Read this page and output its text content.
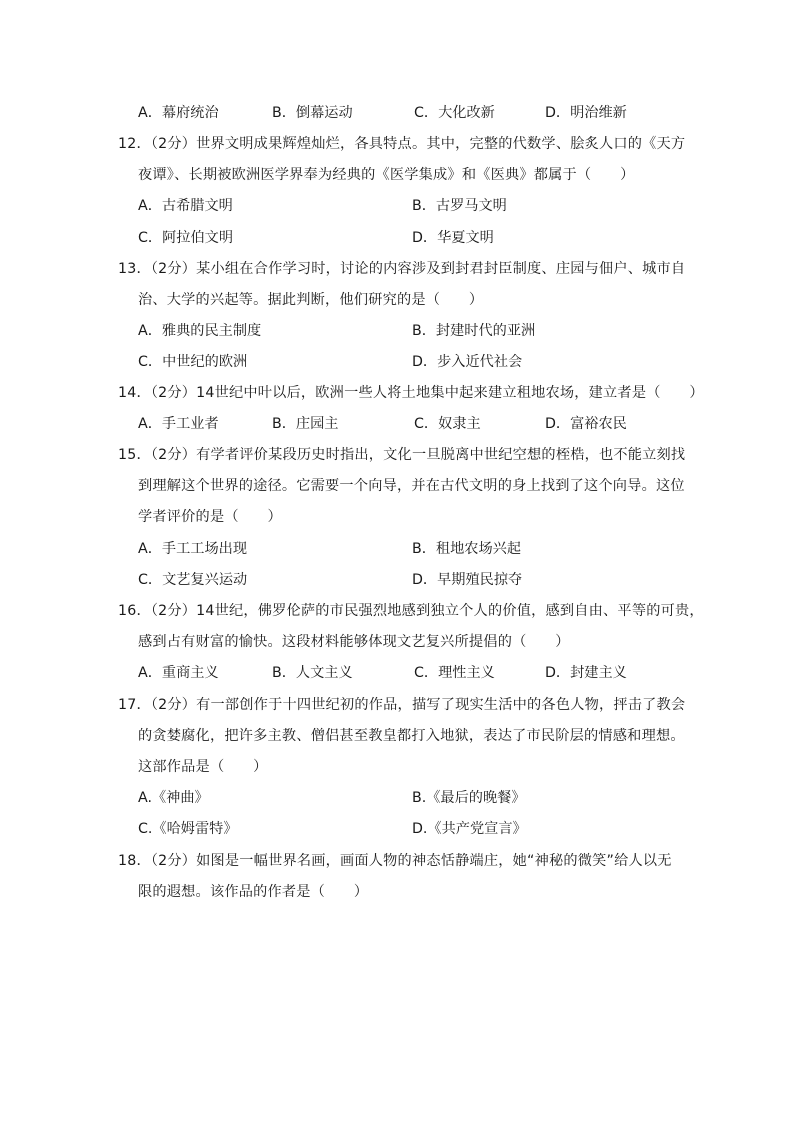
A．幕府统治	B．倒幕运动	C．大化改新	D．明治维新
12．（2分）世界文明成果辉煌灿烂，各具特点。其中，完整的代数学、脍炙人口的《天方
夜谭》、长期被欧洲医学界奉为经典的《医学集成》和《医典》都属于（　　）
A．古希腊文明	B．古罗马文明
C．阿拉伯文明	D．华夏文明
13．（2分）某小组在合作学习时，讨论的内容涉及到封君封臣制度、庄园与佃户、城市自
治、大学的兴起等。据此判断，他们研究的是（　　）
A．雅典的民主制度	B．封建时代的亚洲
C．中世纪的欧洲	D．步入近代社会
14．（2分）14世纪中叶以后，欧洲一些人将土地集中起来建立租地农场，建立者是（　　）
A．手工业者	B．庄园主	C．奴隶主	D．富裕农民
15．（2分）有学者评价某段历史时指出，文化一旦脱离中世纪空想的桎梏，也不能立刻找
到理解这个世界的途径。它需要一个向导，并在古代文明的身上找到了这个向导。这位
学者评价的是（　　）
A．手工工场出现	B．租地农场兴起
C．文艺复兴运动	D．早期殖民掠夺
16．（2分）14世纪，佛罗伦萨的市民强烈地感到独立个人的价值，感到自由、平等的可贵，
感到占有财富的愉快。这段材料能够体现文艺复兴所提倡的（　　）
A．重商主义	B．人文主义	C．理性主义	D．封建主义
17．（2分）有一部创作于十四世纪初的作品，描写了现实生活中的各色人物，抨击了教会
的贪婪腐化，把许多主教、僧侣甚至教皇都打入地狱，表达了市民阶层的情感和理想。
这部作品是（　　）
A.《神曲》	B.《最后的晚餐》
C.《哈姆雷特》	D.《共产党宣言》
18．（2分）如图是一幅世界名画，画面人物的神态恬静端庄，她“神秘的微笑”给人以无
限的遐想。该作品的作者是（　　）
